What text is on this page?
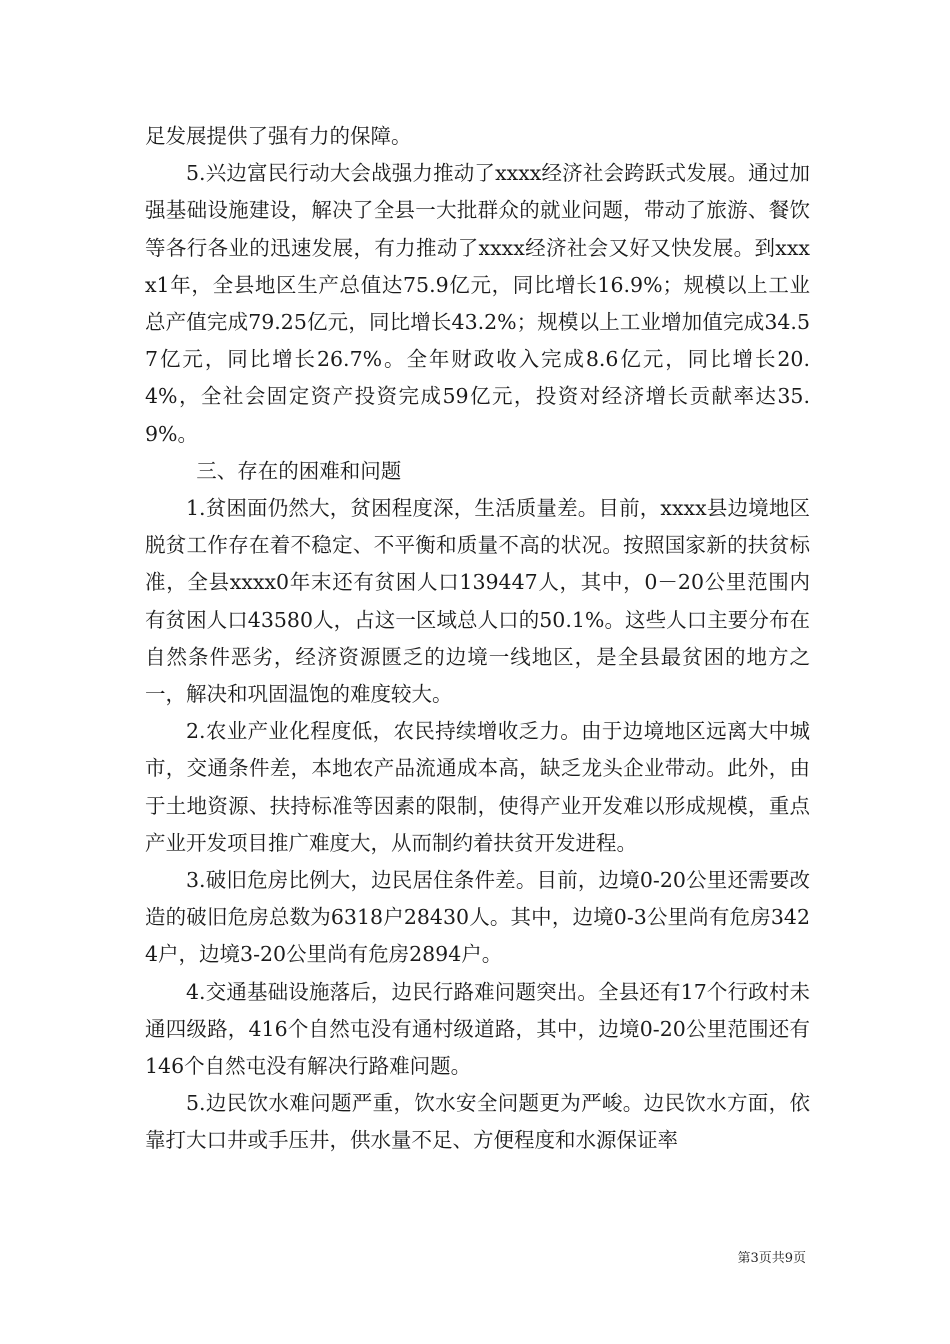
足发展提供了强有力的保障。

5.兴边富民行动大会战强力推动了xxxx经济社会跨跃式发展。通过加强基础设施建设，解决了全县一大批群众的就业问题，带动了旅游、餐饮等各行各业的迅速发展，有力推动了xxxx经济社会又好又快发展。到xxxx1年，全县地区生产总值达75.9亿元，同比增长16.9%；规模以上工业总产值完成79.25亿元，同比增长43.2%；规模以上工业增加值完成34.57亿元，同比增长26.7%。全年财政收入完成8.6亿元，同比增长20.4%，全社会固定资产投资完成59亿元，投资对经济增长贡献率达35.9%。

三、存在的困难和问题

1.贫困面仍然大，贫困程度深，生活质量差。目前，xxxx县边境地区脱贫工作存在着不稳定、不平衡和质量不高的状况。按照国家新的扶贫标准，全县xxxx0年末还有贫困人口139447人，其中，0－20公里范围内有贫困人口43580人，占这一区域总人口的50.1%。这些人口主要分布在自然条件恶劣，经济资源匮乏的边境一线地区，是全县最贫困的地方之一，解决和巩固温饱的难度较大。

2.农业产业化程度低，农民持续增收乏力。由于边境地区远离大中城市，交通条件差，本地农产品流通成本高，缺乏龙头企业带动。此外，由于土地资源、扶持标准等因素的限制，使得产业开发难以形成规模，重点产业开发项目推广难度大，从而制约着扶贫开发进程。

3.破旧危房比例大，边民居住条件差。目前，边境0-20公里还需要改造的破旧危房总数为6318户28430人。其中，边境0-3公里尚有危房3424户，边境3-20公里尚有危房2894户。

4.交通基础设施落后，边民行路难问题突出。全县还有17个行政村未通四级路，416个自然屯没有通村级道路，其中，边境0-20公里范围还有146个自然屯没有解决行路难问题。

5.边民饮水难问题严重，饮水安全问题更为严峻。边民饮水方面，依靠打大口井或手压井，供水量不足、方便程度和水源保证率

第3页共9页
